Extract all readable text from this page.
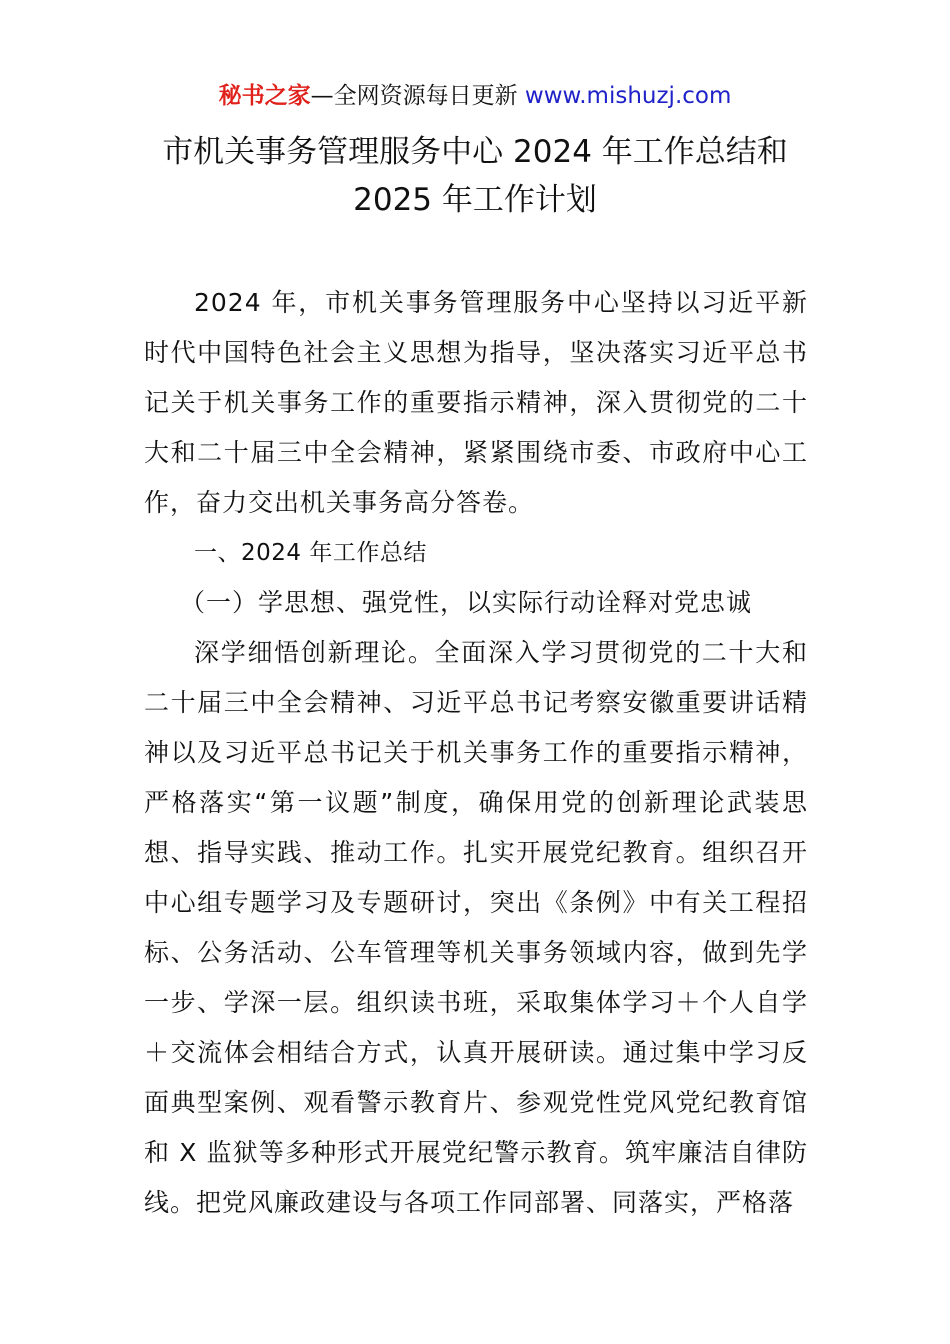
秘书之家—全网资源每日更新 www.mishuzj.com
市机关事务管理服务中心 2024 年工作总结和
2025 年工作计划

2024 年，市机关事务管理服务中心坚持以习近平新时代中国特色社会主义思想为指导，坚决落实习近平总书记关于机关事务工作的重要指示精神，深入贯彻党的二十大和二十届三中全会精神，紧紧围绕市委、市政府中心工作，奋力交出机关事务高分答卷。

一、2024 年工作总结

（一）学思想、强党性，以实际行动诠释对党忠诚

深学细悟创新理论。全面深入学习贯彻党的二十大和二十届三中全会精神、习近平总书记考察安徽重要讲话精神以及习近平总书记关于机关事务工作的重要指示精神，严格落实“第一议题”制度，确保用党的创新理论武装思想、指导实践、推动工作。扎实开展党纪教育。组织召开中心组专题学习及专题研讨，突出《条例》中有关工程招标、公务活动、公车管理等机关事务领域内容，做到先学一步、学深一层。组织读书班，采取集体学习＋个人自学＋交流体会相结合方式，认真开展研读。通过集中学习反面典型案例、观看警示教育片、参观党性党风党纪教育馆和 X 监狱等多种形式开展党纪警示教育。筑牢廉洁自律防线。把党风廉政建设与各项工作同部署、同落实，严格落
